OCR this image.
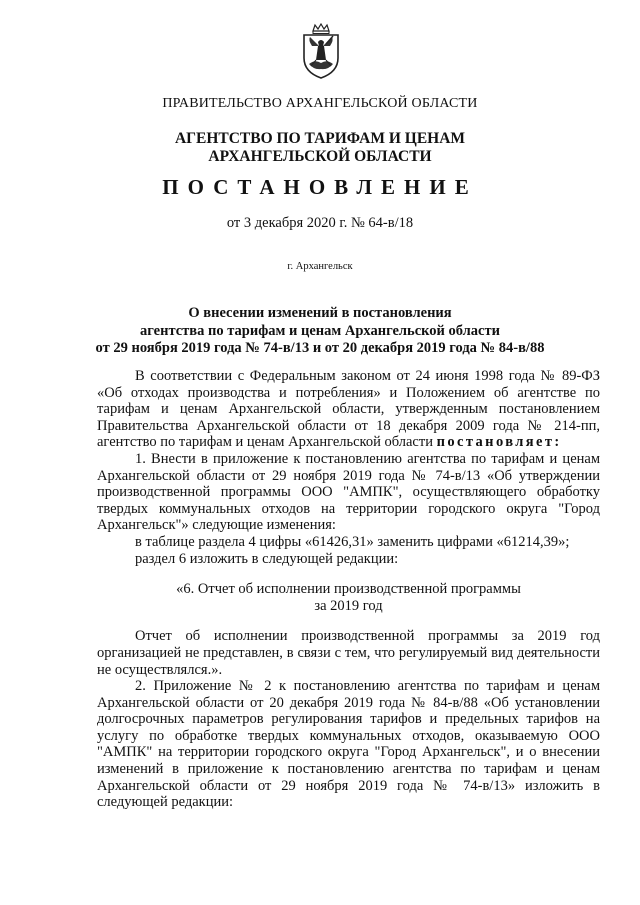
ПРАВИТЕЛЬСТВО АРХАНГЕЛЬСКОЙ ОБЛАСТИ
АГЕНТСТВО ПО ТАРИФАМ И ЦЕНАМ
АРХАНГЕЛЬСКОЙ ОБЛАСТИ
ПОСТАНОВЛЕНИЕ
от 3 декабря 2020 г. № 64-в/18
г. Архангельск
О внесении изменений в постановления
агентства по тарифам и ценам Архангельской области
от 29 ноября 2019 года № 74-в/13 и от 20 декабря 2019 года № 84-в/88

В соответствии с Федеральным законом от 24 июня 1998 года № 89-ФЗ «Об отходах производства и потребления» и Положением об агентстве по тарифам и ценам Архангельской области, утвержденным постановлением Правительства Архангельской области от 18 декабря 2009 года № 214-пп, агентство по тарифам и ценам Архангельской области постановляет:

1. Внести в приложение к постановлению агентства по тарифам и ценам Архангельской области от 29 ноября 2019 года № 74-в/13 «Об утверждении производственной программы ООО "АМПК", осуществляющего обработку твердых коммунальных отходов на территории городского округа "Город Архангельск"» следующие изменения:

в таблице раздела 4 цифры «61426,31» заменить цифрами «61214,39»;

раздел 6 изложить в следующей редакции:

«6. Отчет об исполнении производственной программы
за 2019 год

Отчет об исполнении производственной программы за 2019 год организацией не представлен, в связи с тем, что регулируемый вид деятельности не осуществлялся.».

2. Приложение № 2 к постановлению агентства по тарифам и ценам Архангельской области от 20 декабря 2019 года № 84-в/88 «Об установлении долгосрочных параметров регулирования тарифов и предельных тарифов на услугу по обработке твердых коммунальных отходов, оказываемую ООО "АМПК" на территории городского округа "Город Архангельск", и о внесении изменений в приложение к постановлению агентства по тарифам и ценам Архангельской области от 29 ноября 2019 года № 74-в/13» изложить в следующей редакции:
